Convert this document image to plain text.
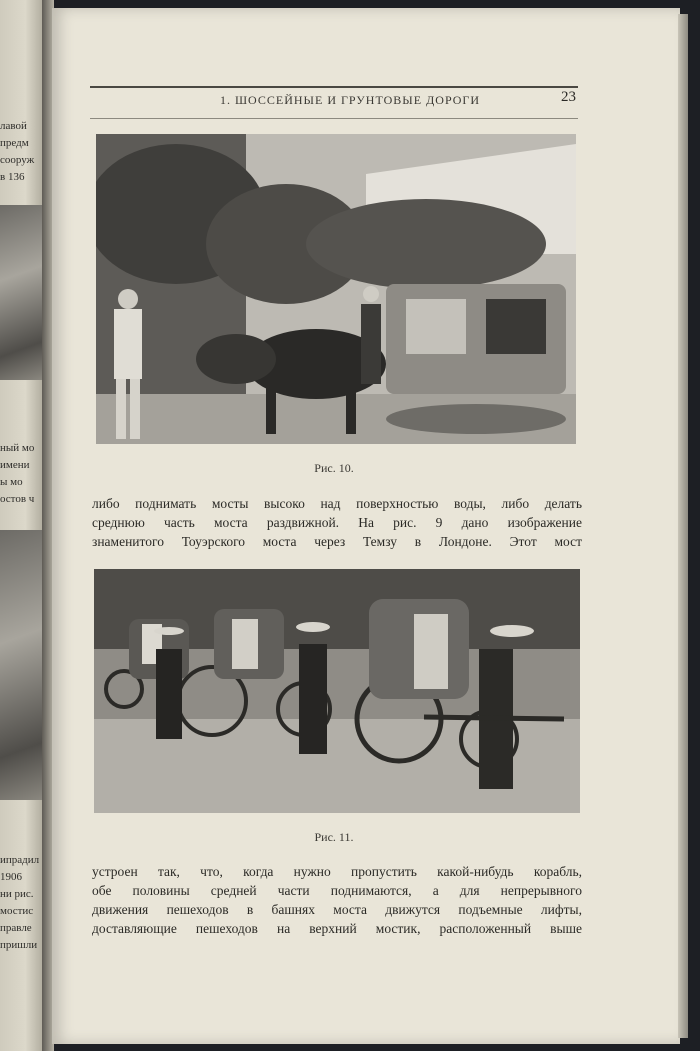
лавой
предм
сооруж
в 136
ный мо
имени
ы мо
остов ч
ипрадил
1906
ни рис.
мостис
правле
пришли
1. ШОССЕЙНЫЕ И ГРУНТОВЫЕ ДОРОГИ	23
Рис. 10.
либо поднимать мосты высоко над поверхностью воды, либо делать
среднюю часть моста раздвижной. На рис. 9 дано изображение
знаменитого Тоуэрского моста через Темзу в Лондоне. Этот мост
Рис. 11.
устроен так, что, когда нужно пропустить какой-нибудь корабль,
обе половины средней части поднимаются, а для непрерывного
движения пешеходов в башнях моста движутся подъемные лифты,
доставляющие пешеходов на верхний мостик, расположенный выше
